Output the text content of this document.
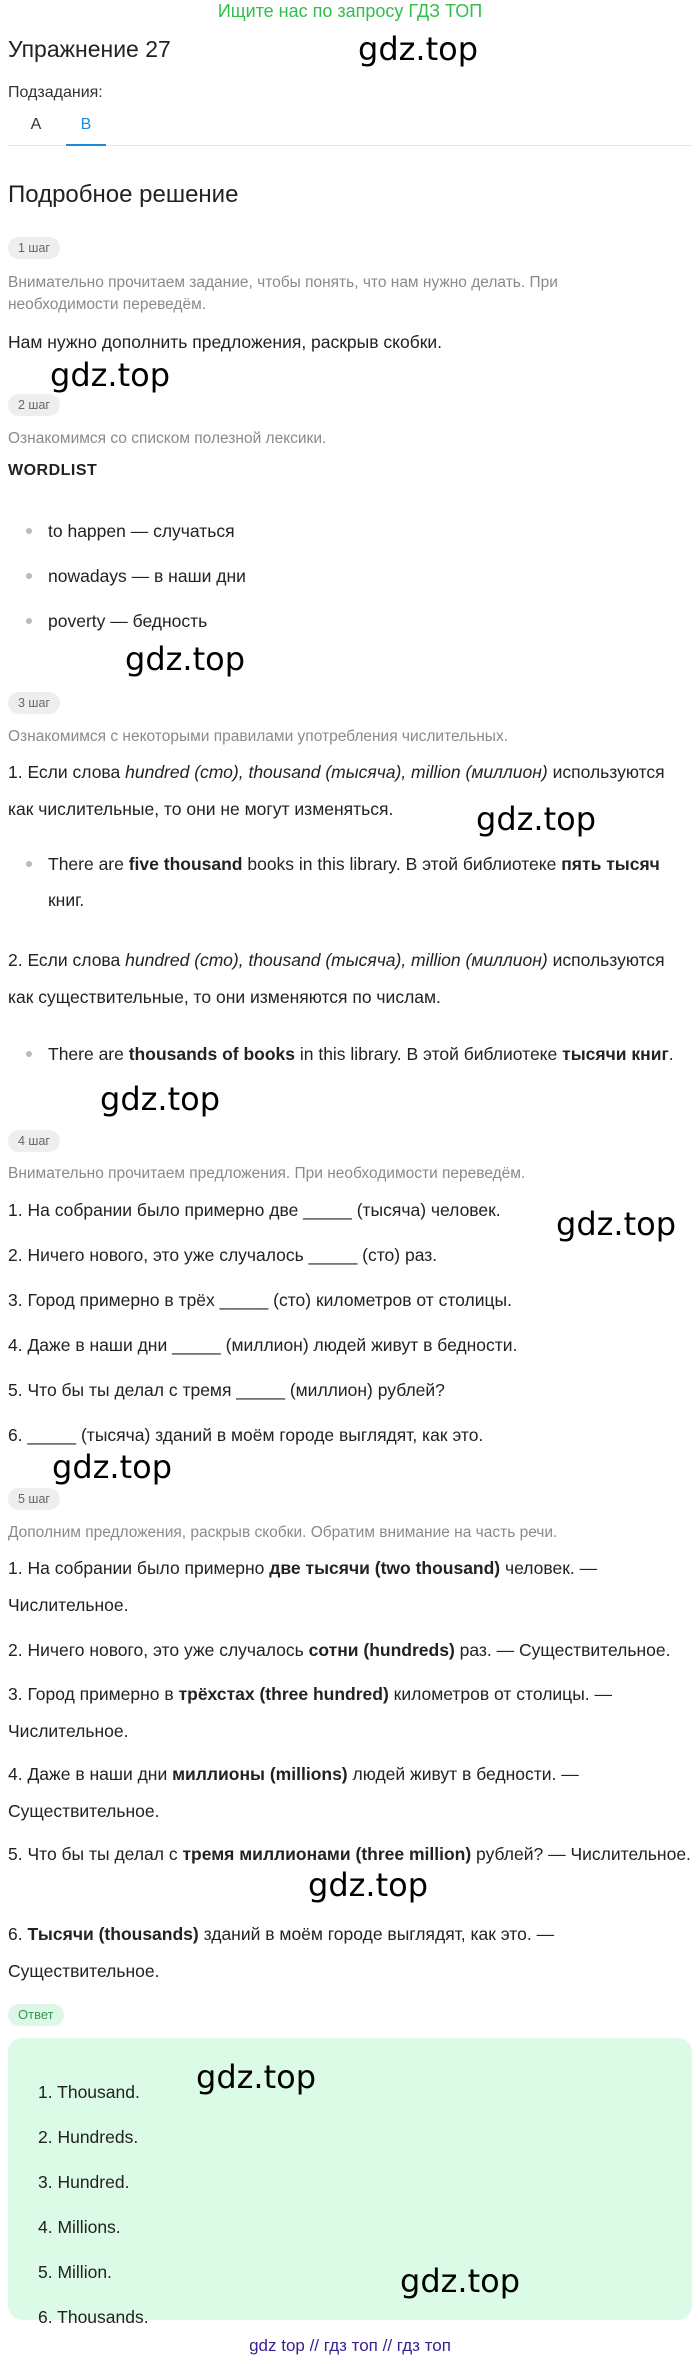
Ищите нас по запросу ГДЗ ТОП
Упражнение 27	gdz.top
Подзадания:
A	B
Подробное решение
1 шаг
Внимательно прочитаем задание, чтобы понять, что нам нужно делать. При необходимости переведём.
Нам нужно дополнить предложения, раскрыв скобки.
gdz.top
2 шаг
Ознакомимся со списком полезной лексики.
WORDLIST
to happen — случаться
nowadays — в наши дни
poverty — бедность
gdz.top
3 шаг
Ознакомимся с некоторыми правилами употребления числительных.
1. Если слова hundred (сто), thousand (тысяча), million (миллион) используются как числительные, то они не могут изменяться.	gdz.top
There are five thousand books in this library. В этой библиотеке пять тысяч книг.
2. Если слова hundred (сто), thousand (тысяча), million (миллион) используются как существительные, то они изменяются по числам.
There are thousands of books in this library. В этой библиотеке тысячи книг.
gdz.top
4 шаг
Внимательно прочитаем предложения. При необходимости переведём.
1. На собрании было примерно две _____ (тысяча) человек.	gdz.top
2. Ничего нового, это уже случалось _____ (сто) раз.
3. Город примерно в трёх _____ (сто) километров от столицы.
4. Даже в наши дни _____ (миллион) людей живут в бедности.
5. Что бы ты делал с тремя _____ (миллион) рублей?
6. _____ (тысяча) зданий в моём городе выглядят, как это.
gdz.top
5 шаг
Дополним предложения, раскрыв скобки. Обратим внимание на часть речи.
1. На собрании было примерно две тысячи (two thousand) человек. — Числительное.
2. Ничего нового, это уже случалось сотни (hundreds) раз. — Существительное.
3. Город примерно в трёхстах (three hundred) километров от столицы. — Числительное.
4. Даже в наши дни миллионы (millions) людей живут в бедности. — Существительное.
5. Что бы ты делал с тремя миллионами (three million) рублей? — Числительное.
gdz.top
6. Тысячи (thousands) зданий в моём городе выглядят, как это. — Существительное.
Ответ
1. Thousand.
2. Hundreds.
3. Hundred.
4. Millions.
5. Million.
6. Thousands.
gdz.top
gdz.top
gdz top // гдз топ // гдз топ
